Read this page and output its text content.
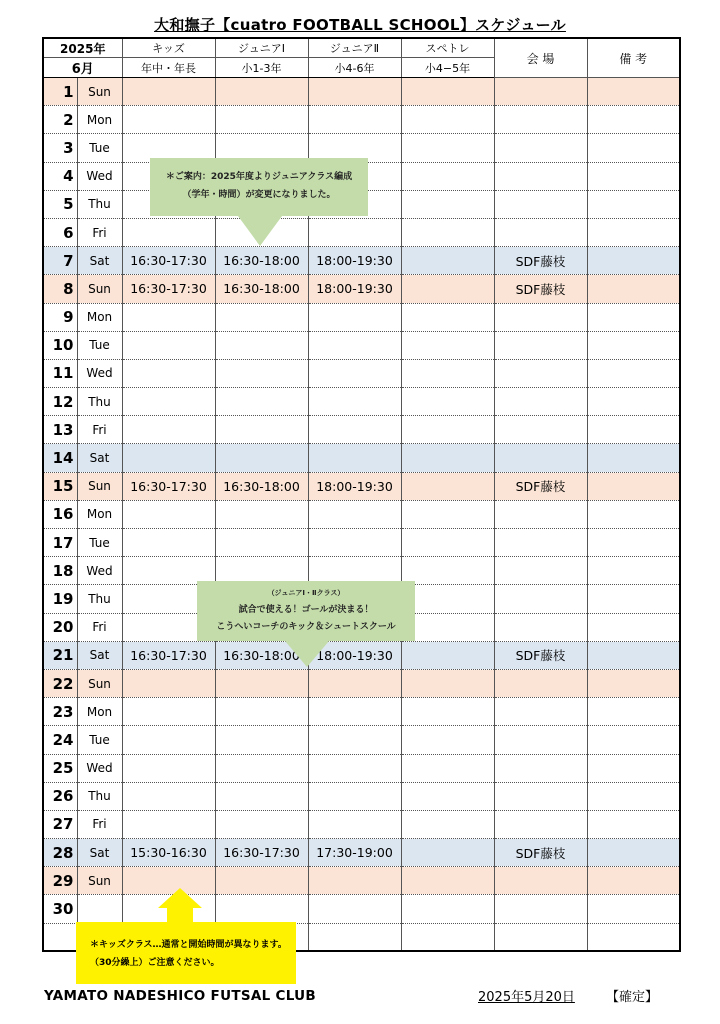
大和撫子【cuatro FOOTBALL SCHOOL】スケジュール
2025年		キッズ	ジュニアⅠ	ジュニアⅡ	スペトレ	会 場	備 考
6月		年中・年長	小1-3年	小4-6年	小4−5年		
1	Sun						
2	Mon						
3	Tue						
4	Wed						
5	Thu						
6	Fri						
7	Sat	16:30-17:30	16:30-18:00	18:00-19:30		SDF藤枝	
8	Sun	16:30-17:30	16:30-18:00	18:00-19:30		SDF藤枝	
9	Mon						
10	Tue						
11	Wed						
12	Thu						
13	Fri						
14	Sat						
15	Sun	16:30-17:30	16:30-18:00	18:00-19:30		SDF藤枝	
16	Mon						
17	Tue						
18	Wed						
19	Thu						
20	Fri						
21	Sat	16:30-17:30	16:30-18:00	18:00-19:30		SDF藤枝	
22	Sun						
23	Mon						
24	Tue						
25	Wed						
26	Thu						
27	Fri						
28	Sat	15:30-16:30	16:30-17:30	17:30-19:00		SDF藤枝	
29	Sun						
30							

＊ご案内：2025年度よりジュニアクラス編成
（学年・時間）が変更になりました。
（ジュニアⅠ・Ⅱクラス）
試合で使える！ゴールが決まる！
こうへいコーチのキック＆シュートスクール
＊キッズクラス…通常と開始時間が異なります。
（30分繰上）ご注意ください。
YAMATO NADESHICO FUTSAL CLUB	2025年5月20日 【確定】
